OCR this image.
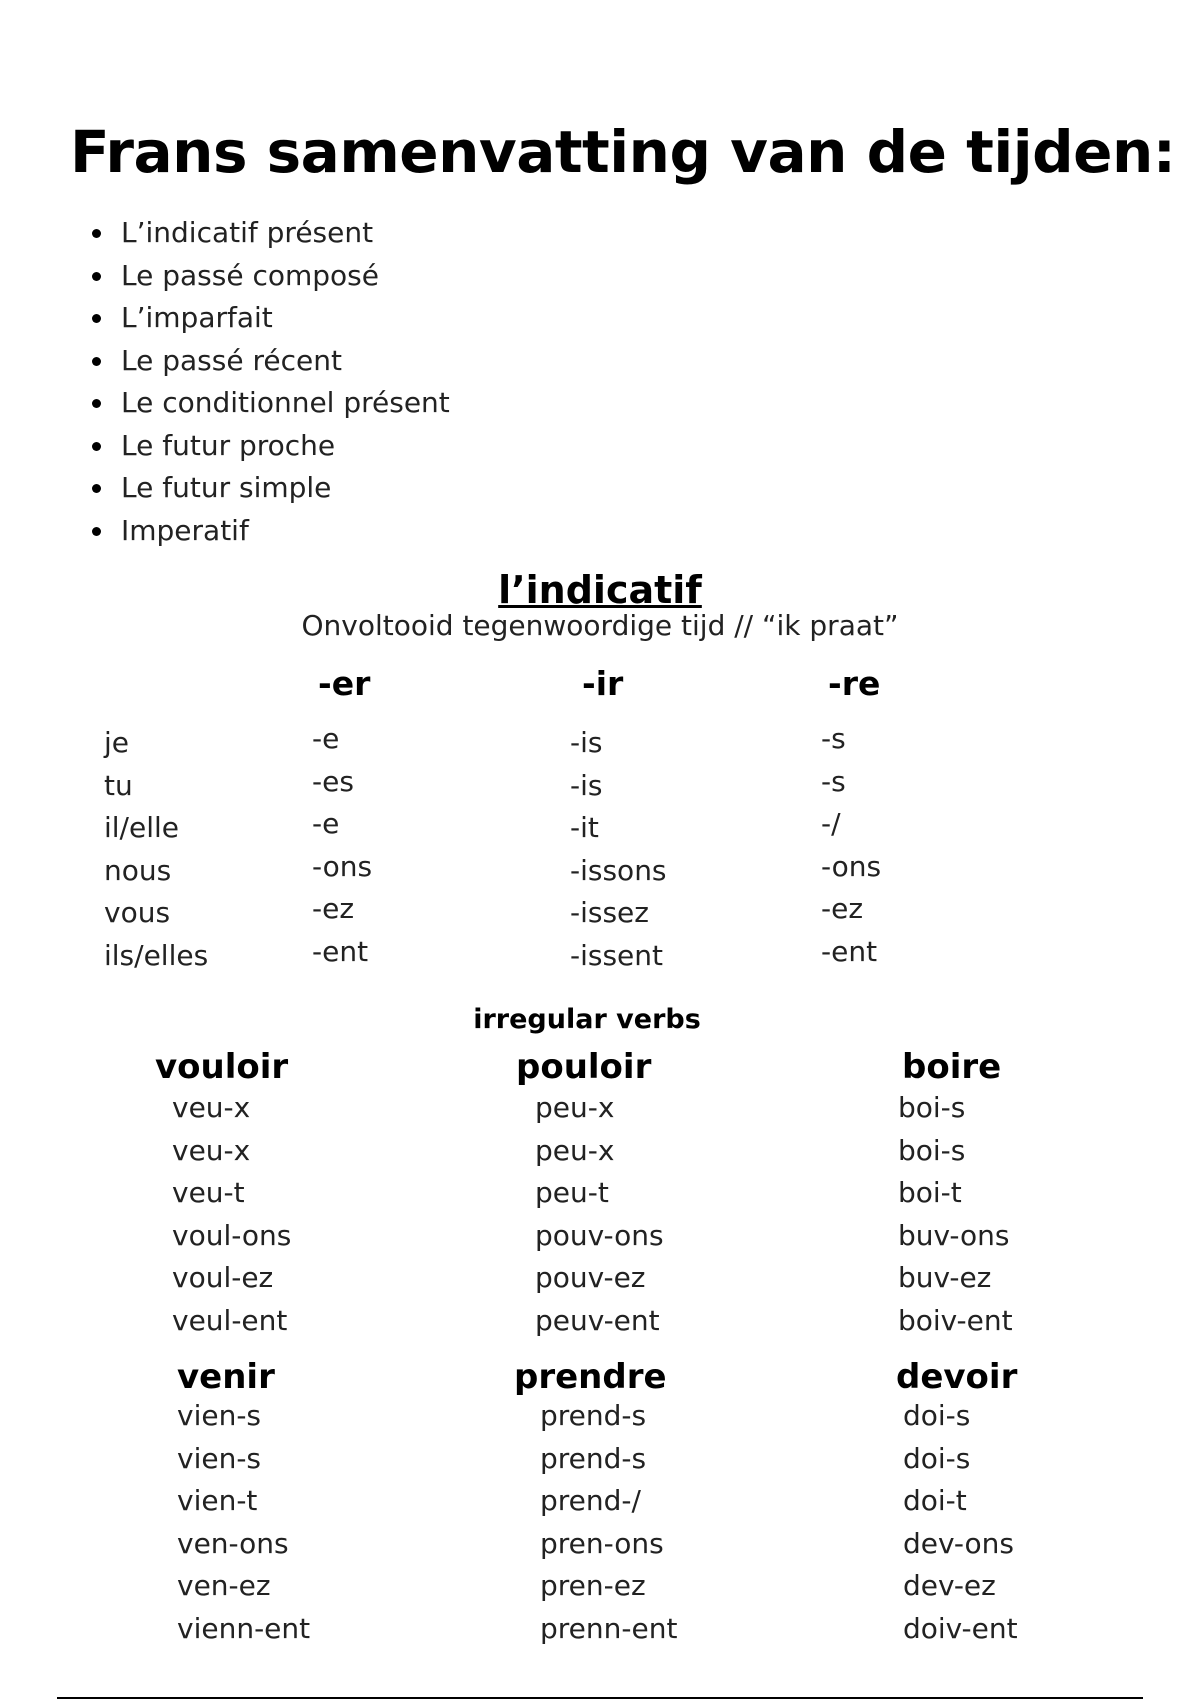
Frans samenvatting van de tijden:
L’indicatif présent
Le passé composé
L’imparfait
Le passé récent
Le conditionnel présent
Le futur proche
Le futur simple
Imperatif
l’indicatif
Onvoltooid tegenwoordige tijd // “ik praat”
-er	-ir	-re
je
tu
il/elle
nous
vous
ils/elles
-e
-es
-e
-ons
-ez
-ent
-is
-is
-it
-issons
-issez
-issent
-s
-s
-/
-ons
-ez
-ent
irregular verbs
vouloir
veu-x
veu-x
veu-t
voul-ons
voul-ez
veul-ent
pouloir
peu-x
peu-x
peu-t
pouv-ons
pouv-ez
peuv-ent
boire
boi-s
boi-s
boi-t
buv-ons
buv-ez
boiv-ent
venir
vien-s
vien-s
vien-t
ven-ons
ven-ez
vienn-ent
prendre
prend-s
prend-s
prend-/
pren-ons
pren-ez
prenn-ent
devoir
doi-s
doi-s
doi-t
dev-ons
dev-ez
doiv-ent
